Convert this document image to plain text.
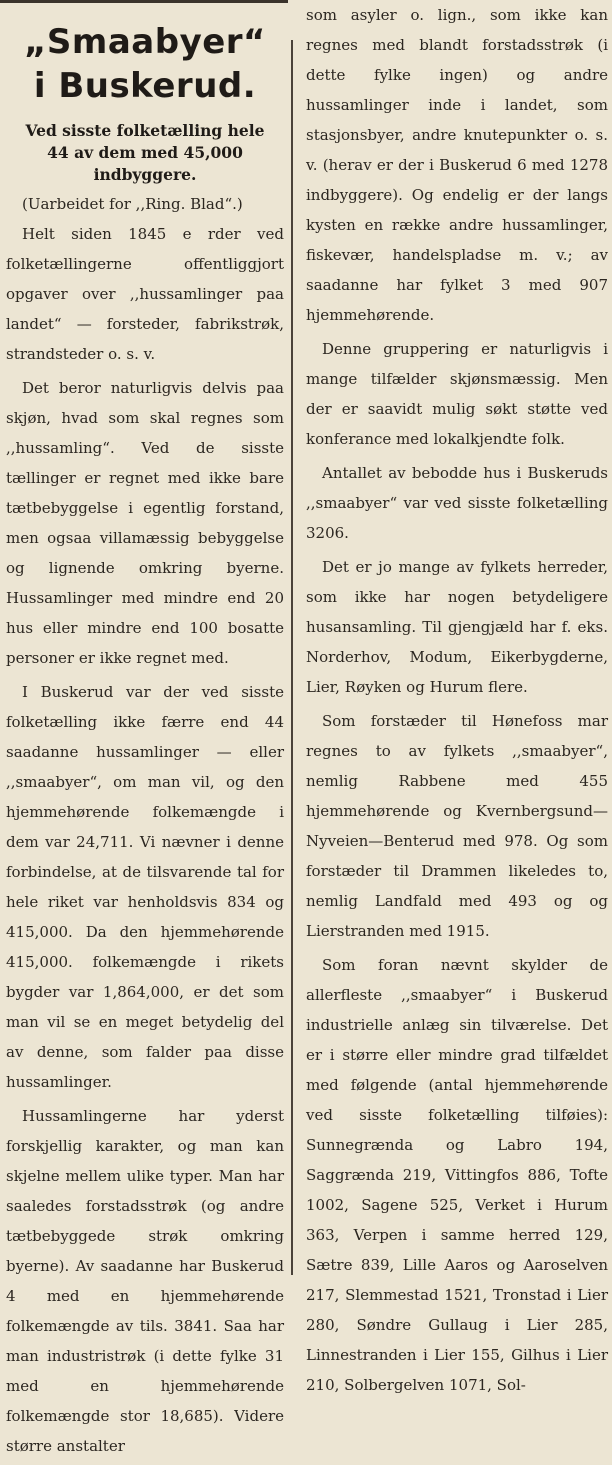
„Smaabyer“
i Buskerud.
Ved sisste folketælling hele 44 av dem med 45,000 indbyggere.
(Uarbeidet for ,,Ring. Blad“.)

Helt siden 1845 e rder ved folketællingerne offentliggjort opgaver over ,,hussamlinger paa landet“ — forsteder, fabrikstrøk, strandsteder o. s. v.

Det beror naturligvis delvis paa skjøn, hvad som skal regnes som ,,hussamling“. Ved de sisste tællinger er regnet med ikke bare tætbebyggelse i egentlig forstand, men ogsaa villamæssig bebyggelse og lignende omkring byerne. Hussamlinger med mindre end 20 hus eller mindre end 100 bosatte personer er ikke regnet med.

I Buskerud var der ved sisste folketælling ikke færre end 44 saadanne hussamlinger — eller ,,smaabyer“, om man vil, og den hjemmehørende folkemængde i dem var 24,711. Vi nævner i denne forbindelse, at de tilsvarende tal for hele riket var henholdsvis 834 og 415,000. Da den hjemmehørende 415,000. folkemængde i rikets bygder var 1,864,000, er det som man vil se en meget betydelig del av denne, som falder paa disse hussamlinger.

Hussamlingerne har yderst forskjellig karakter, og man kan skjelne mellem ulike typer. Man har saaledes forstadsstrøk (og andre tætbebyggede strøk omkring byerne). Av saadanne har Buskerud 4 med en hjemmehørende folkemængde av tils. 3841. Saa har man industristrøk (i dette fylke 31 med en hjemmehørende folkemængde stor 18,685). Videre større anstalter

som asyler o. lign., som ikke kan regnes med blandt forstadsstrøk (i dette fylke ingen) og andre hussamlinger inde i landet, som stasjonsbyer, andre knutepunkter o. s. v. (herav er der i Buskerud 6 med 1278 indbyggere). Og endelig er der langs kysten en række andre hussamlinger, fiskevær, handelspladse m. v.; av saadanne har fylket 3 med 907 hjemmehørende.

Denne gruppering er naturligvis i mange tilfælder skjønsmæssig. Men der er saavidt mulig søkt støtte ved konferance med lokalkjendte folk.

Antallet av bebodde hus i Buskeruds ,,smaabyer“ var ved sisste folketælling 3206.

Det er jo mange av fylkets herreder, som ikke har nogen betydeligere husansamling. Til gjengjæld har f. eks. Norderhov, Modum, Eikerbygderne, Lier, Røyken og Hurum flere.

Som forstæder til Hønefoss mar regnes to av fylkets ,,smaabyer“, nemlig Rabbene med 455 hjemmehørende og Kvernbergsund—Nyveien—Benterud med 978. Og som forstæder til Drammen likeledes to, nemlig Landfald med 493 og og Lierstranden med 1915.

Som foran nævnt skylder de allerfleste ,,smaabyer“ i Buskerud industrielle anlæg sin tilværelse. Det er i større eller mindre grad tilfældet med følgende (antal hjemmehørende ved sisste folketælling tilføies): Sunnegrænda og Labro 194, Saggrænda 219, Vittingfos 886, Tofte 1002, Sagene 525, Verket i Hurum 363, Verpen i samme herred 129, Sætre 839, Lille Aaros og Aaroselven 217, Slemmestad 1521, Tronstad i Lier 280, Søndre Gullaug i Lier 285, Linnestranden i Lier 155, Gilhus i Lier 210, Solbergelven 1071, Sol-
